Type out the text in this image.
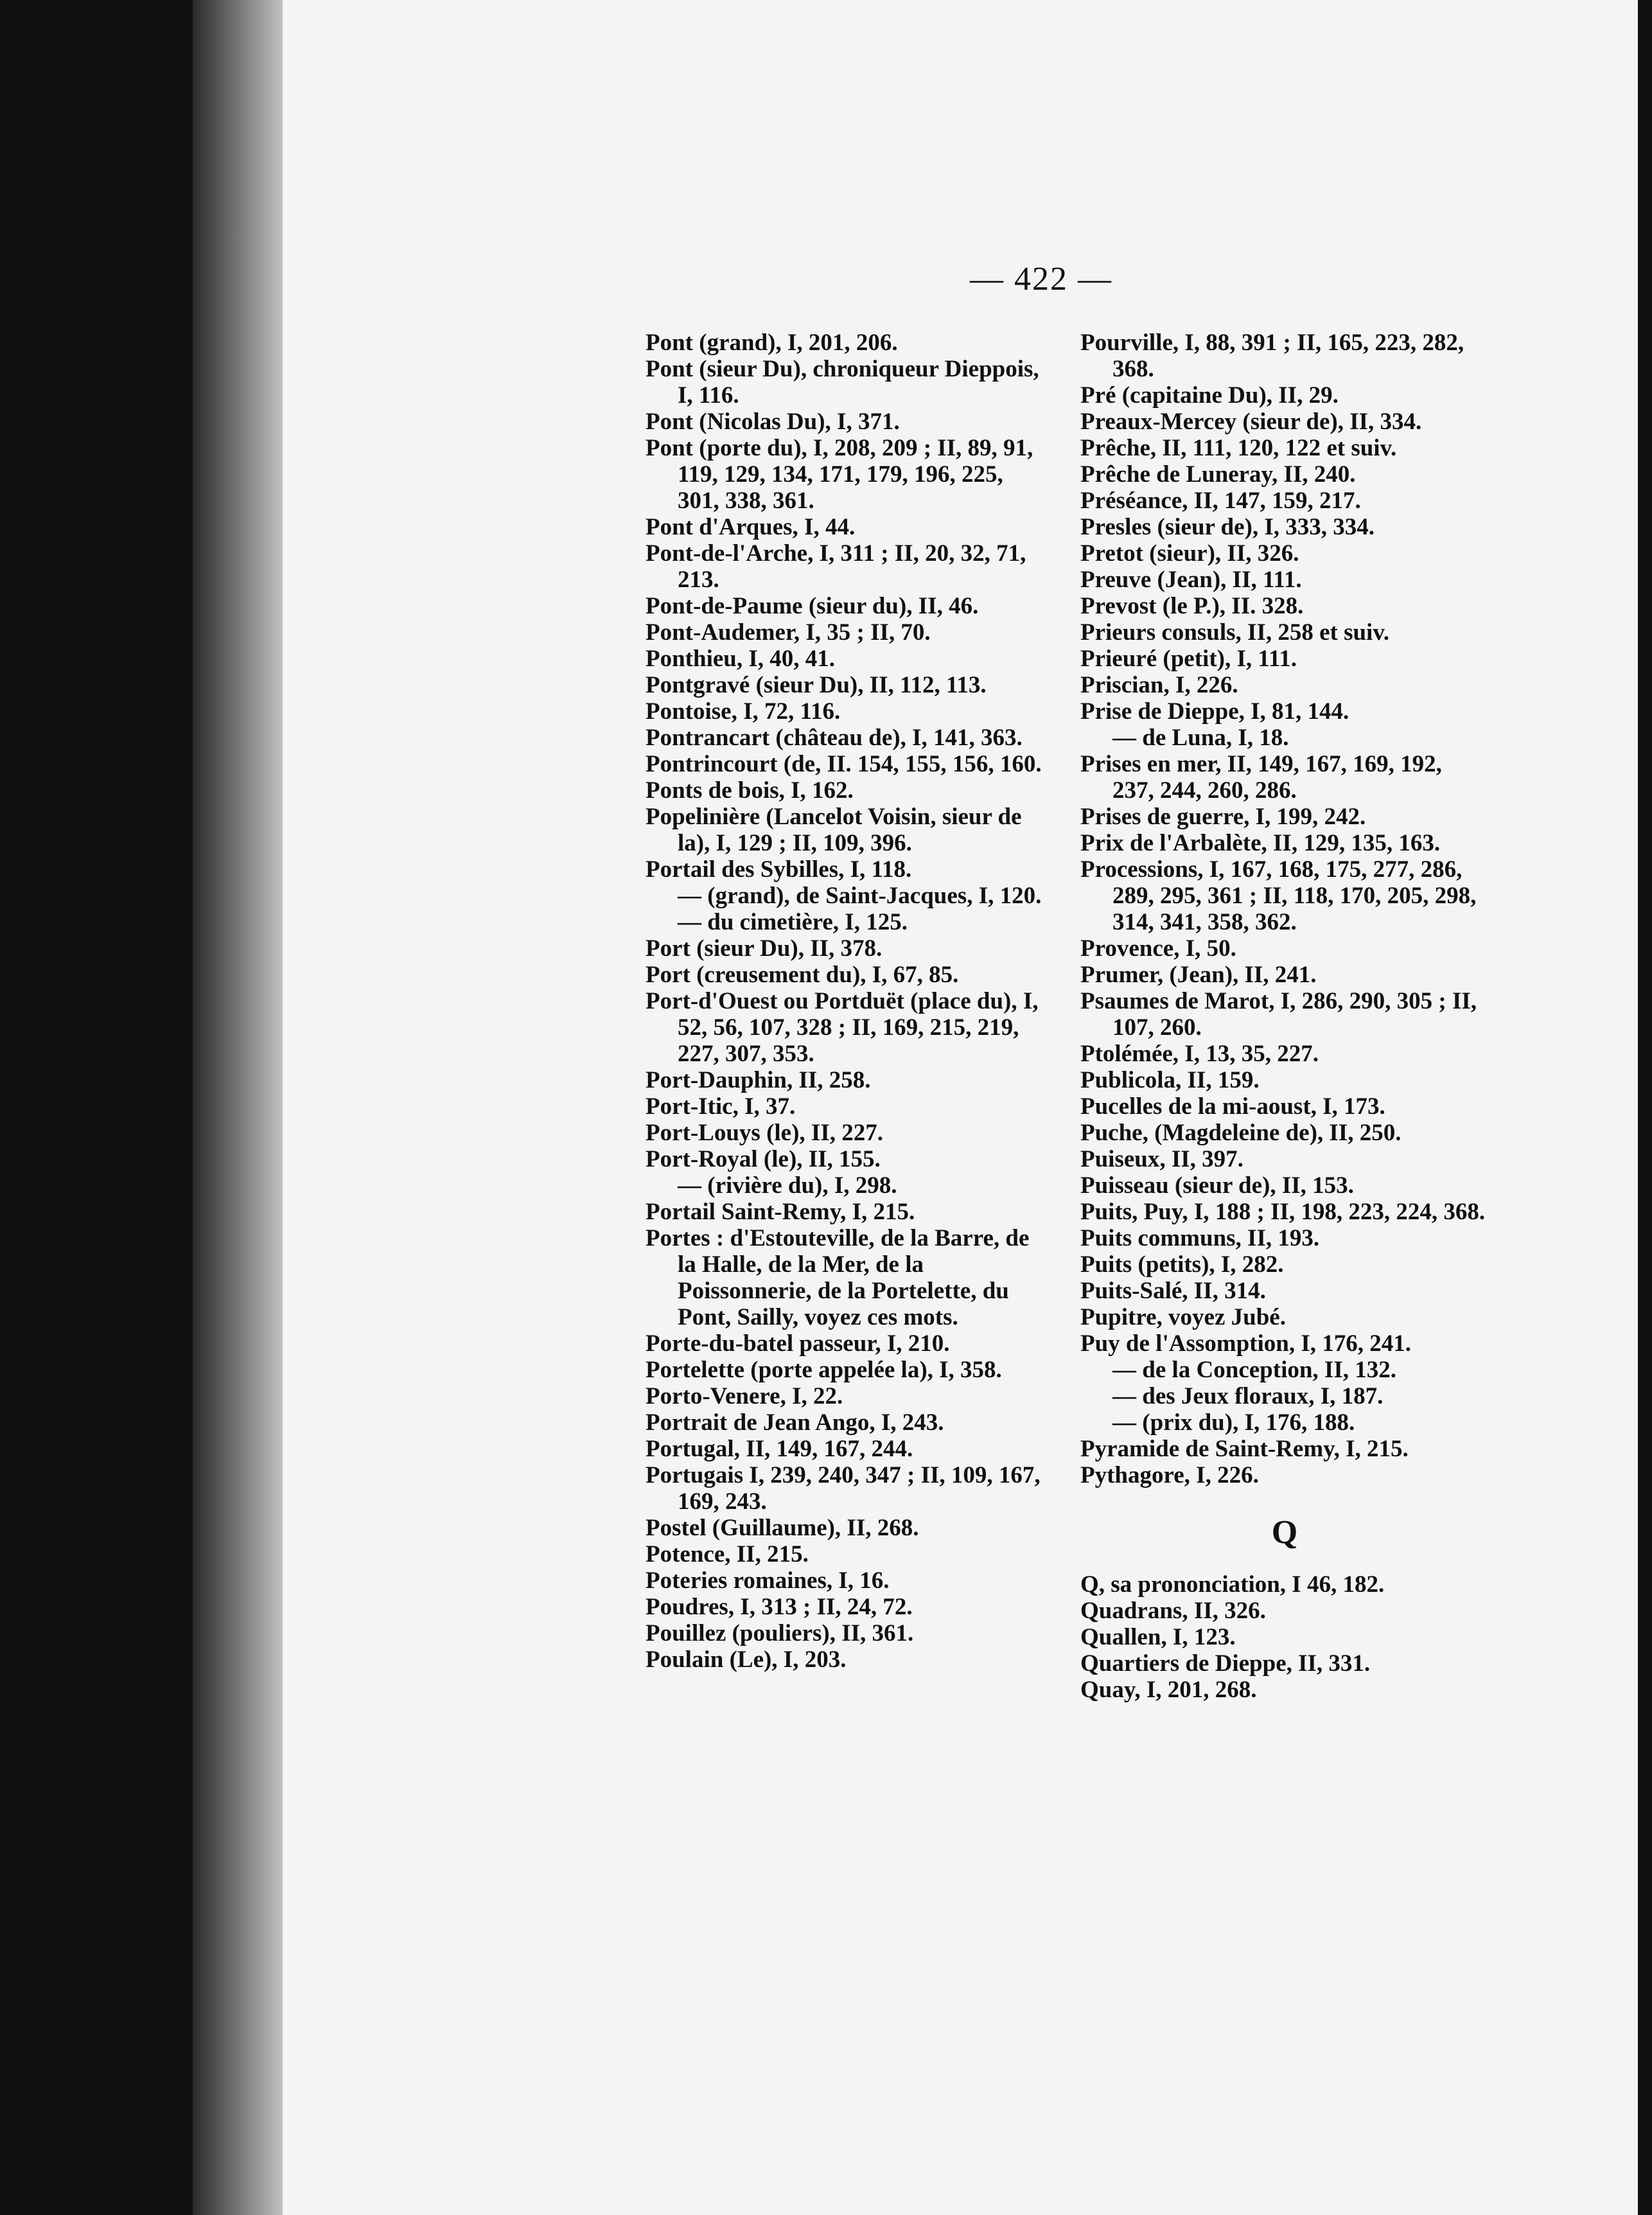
— 422 —
Pont (grand), I, 201, 206.
Pont (sieur Du), chroniqueur Dieppois, I, 116.
Pont (Nicolas Du), I, 371.
Pont (porte du), I, 208, 209 ; II, 89, 91, 119, 129, 134, 171, 179, 196, 225, 301, 338, 361.
Pont d'Arques, I, 44.
Pont-de-l'Arche, I, 311 ; II, 20, 32, 71, 213.
Pont-de-Paume (sieur du), II, 46.
Pont-Audemer, I, 35 ; II, 70.
Ponthieu, I, 40, 41.
Pontgravé (sieur Du), II, 112, 113.
Pontoise, I, 72, 116.
Pontrancart (château de), I, 141, 363.
Pontrincourt (de, II. 154, 155, 156, 160.
Ponts de bois, I, 162.
Popelinière (Lancelot Voisin, sieur de la), I, 129 ; II, 109, 396.
Portail des Sybilles, I, 118.
— (grand), de Saint-Jacques, I, 120.
— du cimetière, I, 125.
Port (sieur Du), II, 378.
Port (creusement du), I, 67, 85.
Port-d'Ouest ou Portduët (place du), I, 52, 56, 107, 328 ; II, 169, 215, 219, 227, 307, 353.
Port-Dauphin, II, 258.
Port-Itic, I, 37.
Port-Louys (le), II, 227.
Port-Royal (le), II, 155.
— (rivière du), I, 298.
Portail Saint-Remy, I, 215.
Portes : d'Estouteville, de la Barre, de la Halle, de la Mer, de la Poissonnerie, de la Portelette, du Pont, Sailly, voyez ces mots.
Porte-du-batel passeur, I, 210.
Portelette (porte appelée la), I, 358.
Porto-Venere, I, 22.
Portrait de Jean Ango, I, 243.
Portugal, II, 149, 167, 244.
Portugais I, 239, 240, 347 ; II, 109, 167, 169, 243.
Postel (Guillaume), II, 268.
Potence, II, 215.
Poteries romaines, I, 16.
Poudres, I, 313 ; II, 24, 72.
Pouillez (pouliers), II, 361.
Poulain (Le), I, 203.
Pourville, I, 88, 391 ; II, 165, 223, 282, 368.
Pré (capitaine Du), II, 29.
Preaux-Mercey (sieur de), II, 334.
Prêche, II, 111, 120, 122 et suiv.
Prêche de Luneray, II, 240.
Préséance, II, 147, 159, 217.
Presles (sieur de), I, 333, 334.
Pretot (sieur), II, 326.
Preuve (Jean), II, 111.
Prevost (le P.), II. 328.
Prieurs consuls, II, 258 et suiv.
Prieuré (petit), I, 111.
Priscian, I, 226.
Prise de Dieppe, I, 81, 144.
— de Luna, I, 18.
Prises en mer, II, 149, 167, 169, 192, 237, 244, 260, 286.
Prises de guerre, I, 199, 242.
Prix de l'Arbalète, II, 129, 135, 163.
Processions, I, 167, 168, 175, 277, 286, 289, 295, 361 ; II, 118, 170, 205, 298, 314, 341, 358, 362.
Provence, I, 50.
Prumer, (Jean), II, 241.
Psaumes de Marot, I, 286, 290, 305 ; II, 107, 260.
Ptolémée, I, 13, 35, 227.
Publicola, II, 159.
Pucelles de la mi-aoust, I, 173.
Puche, (Magdeleine de), II, 250.
Puiseux, II, 397.
Puisseau (sieur de), II, 153.
Puits, Puy, I, 188 ; II, 198, 223, 224, 368.
Puits communs, II, 193.
Puits (petits), I, 282.
Puits-Salé, II, 314.
Pupitre, voyez Jubé.
Puy de l'Assomption, I, 176, 241.
— de la Conception, II, 132.
— des Jeux floraux, I, 187.
— (prix du), I, 176, 188.
Pyramide de Saint-Remy, I, 215.
Pythagore, I, 226.
Q
Q, sa prononciation, I 46, 182.
Quadrans, II, 326.
Quallen, I, 123.
Quartiers de Dieppe, II, 331.
Quay, I, 201, 268.
